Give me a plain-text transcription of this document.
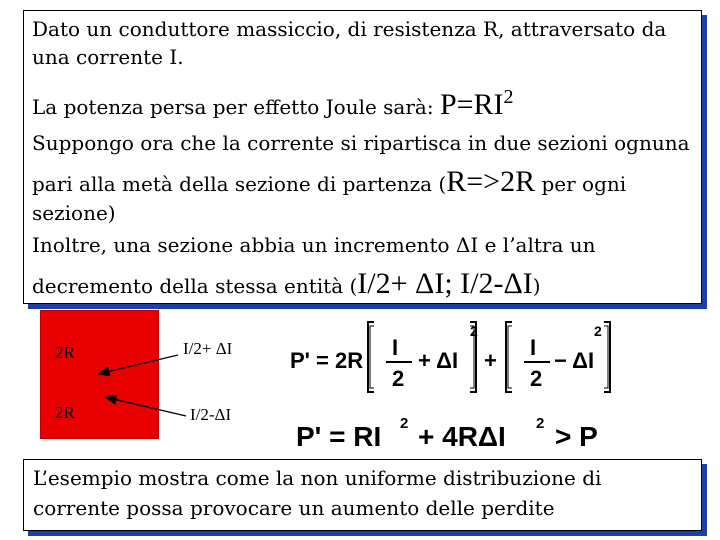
Dato un conduttore massiccio, di resistenza R, attraversato da
una corrente I.
La potenza persa per effetto Joule sarà: $P=RI^2$
Suppongo ora che la corrente si ripartisca in due sezioni ognuna
pari alla metà della sezione di partenza (R=>2R per ogni
sezione)
Inoltre, una sezione abbia un incremento ΔI e l’altra un
decremento della stessa entità (I/2+ ΔI; I/2-ΔI)
2R
2R
I/2+ ΔI
I/2-ΔI
P' = 2R
I
2
+ ΔI
2
+
I
2
− ΔI
2
P' = RI 2 + 4RΔI 2 > P
L’esempio mostra come la non uniforme distribuzione di
corrente possa provocare un aumento delle perdite
